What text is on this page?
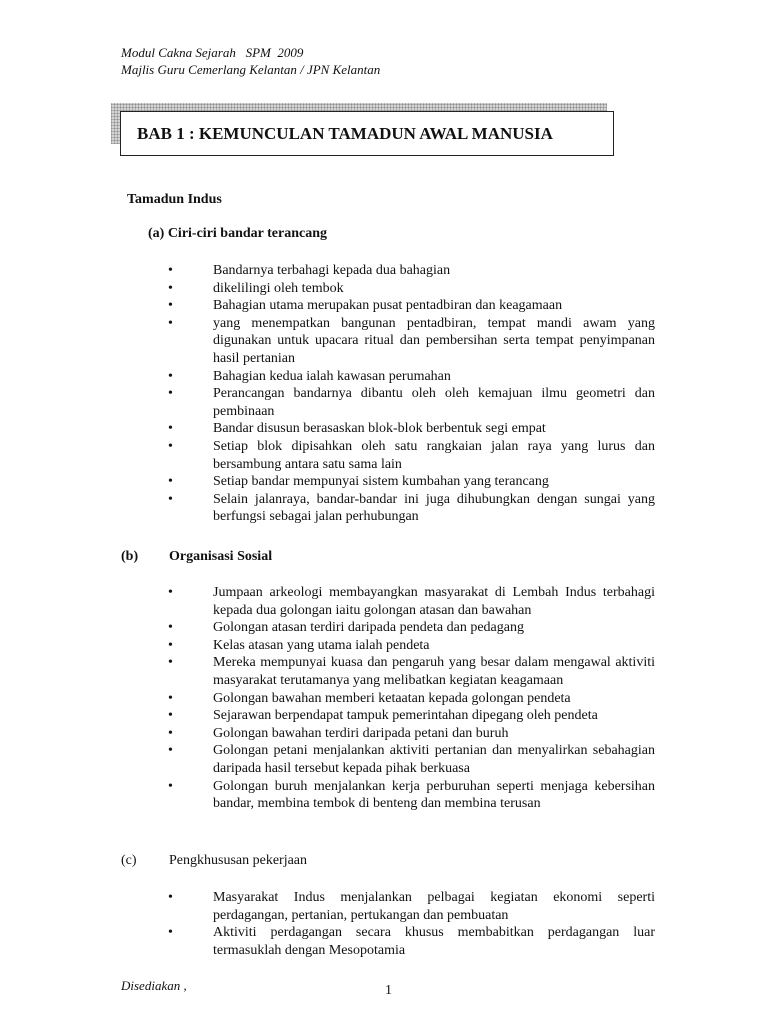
Modul Cakna Sejarah   SPM  2009
Majlis Guru Cemerlang Kelantan / JPN Kelantan
BAB 1 : KEMUNCULAN TAMADUN AWAL MANUSIA
Tamadun Indus
(a) Ciri-ciri bandar terancang
•	Bandarnya terbahagi kepada dua bahagian
•	dikelilingi oleh tembok
•	Bahagian utama merupakan pusat pentadbiran dan keagamaan
•	yang menempatkan bangunan pentadbiran, tempat mandi awam yang digunakan untuk upacara ritual dan pembersihan serta tempat penyimpanan hasil pertanian
•	Bahagian kedua ialah kawasan perumahan
•	Perancangan bandarnya dibantu oleh oleh kemajuan ilmu geometri dan pembinaan
•	Bandar disusun berasaskan blok-blok berbentuk segi empat
•	Setiap blok dipisahkan oleh satu rangkaian jalan raya yang lurus dan bersambung antara satu sama lain
•	Setiap bandar mempunyai sistem kumbahan yang terancang
•	Selain jalanraya, bandar-bandar ini juga dihubungkan dengan sungai yang berfungsi sebagai jalan perhubungan
(b) Organisasi Sosial
•	Jumpaan arkeologi membayangkan masyarakat di Lembah Indus terbahagi kepada dua golongan iaitu golongan atasan dan bawahan
•	Golongan atasan terdiri daripada pendeta dan pedagang
•	Kelas atasan yang utama ialah pendeta
•	Mereka mempunyai kuasa dan pengaruh yang besar dalam mengawal aktiviti masyarakat terutamanya yang melibatkan kegiatan keagamaan
•	Golongan bawahan memberi ketaatan kepada golongan pendeta
•	Sejarawan berpendapat tampuk pemerintahan dipegang oleh pendeta
•	Golongan bawahan terdiri daripada petani dan buruh
•	Golongan petani menjalankan aktiviti pertanian dan menyalirkan sebahagian daripada hasil tersebut kepada pihak berkuasa
•	Golongan buruh menjalankan kerja perburuhan seperti menjaga kebersihan bandar, membina tembok di benteng dan membina terusan
(c) Pengkhususan pekerjaan
•	Masyarakat Indus menjalankan pelbagai kegiatan ekonomi seperti perdagangan, pertanian, pertukangan dan pembuatan
•	Aktiviti perdagangan secara khusus membabitkan perdagangan luar termasuklah dengan Mesopotamia
Disediakan ,	1
